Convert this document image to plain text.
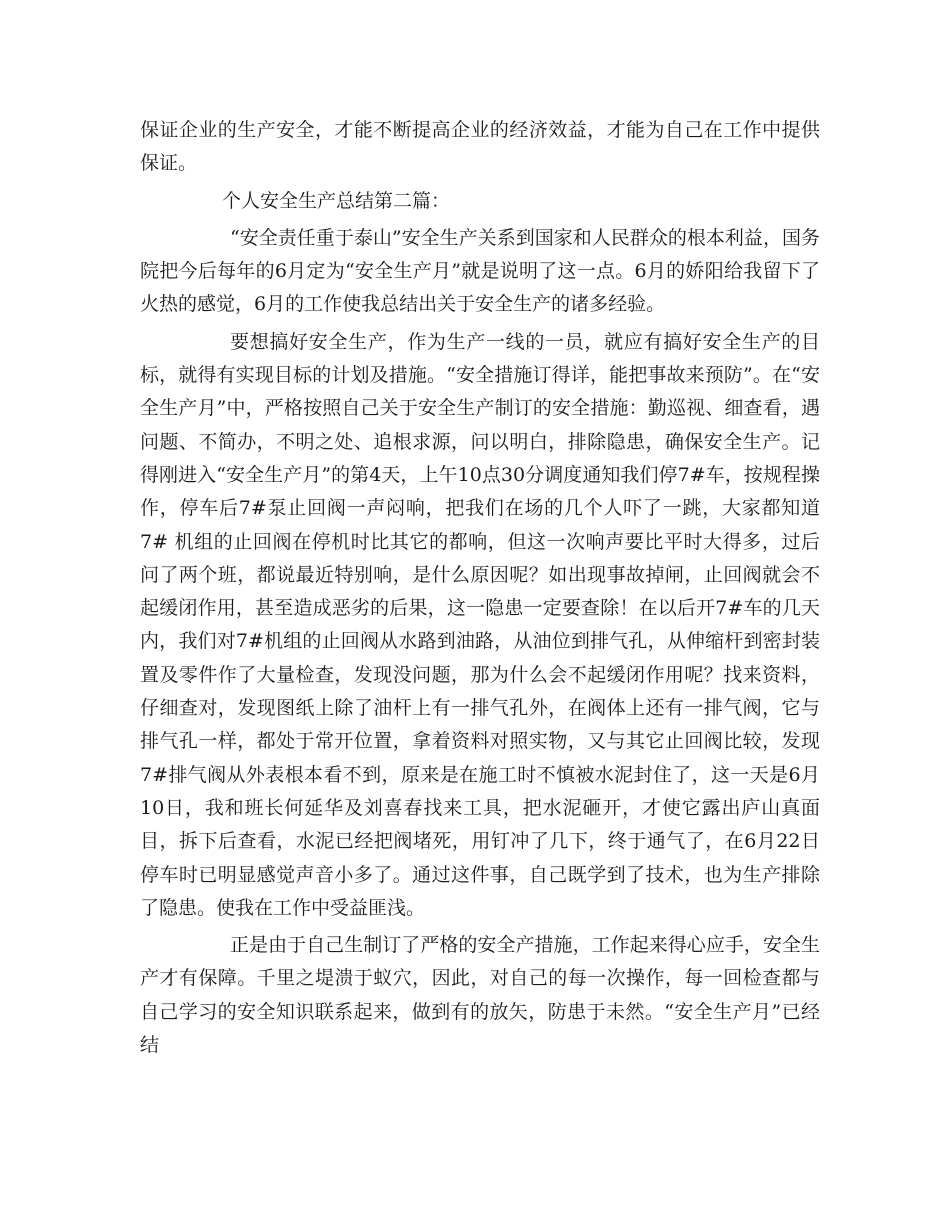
保证企业的生产安全，才能不断提高企业的经济效益，才能为自己在工作中提供保证。

个人安全生产总结第二篇：

“安全责任重于泰山”安全生产关系到国家和人民群众的根本利益，国务院把今后每年的6月定为“安全生产月”就是说明了这一点。6月的娇阳给我留下了火热的感觉，6月的工作使我总结出关于安全生产的诸多经验。

要想搞好安全生产，作为生产一线的一员，就应有搞好安全生产的目标，就得有实现目标的计划及措施。“安全措施订得详，能把事故来预防”。在“安全生产月”中，严格按照自己关于安全生产制订的安全措施：勤巡视、细查看，遇问题、不简办，不明之处、追根求源，问以明白，排除隐患，确保安全生产。记得刚进入“安全生产月”的第4天，上午10点30分调度通知我们停7#车，按规程操作，停车后7#泵止回阀一声闷响，把我们在场的几个人吓了一跳，大家都知道7# 机组的止回阀在停机时比其它的都响，但这一次响声要比平时大得多，过后问了两个班，都说最近特别响，是什么原因呢？如出现事故掉闸，止回阀就会不起缓闭作用，甚至造成恶劣的后果，这一隐患一定要查除！在以后开7#车的几天内，我们对7#机组的止回阀从水路到油路，从油位到排气孔，从伸缩杆到密封装置及零件作了大量检查，发现没问题，那为什么会不起缓闭作用呢？找来资料，仔细查对，发现图纸上除了油杆上有一排气孔外，在阀体上还有一排气阀，它与排气孔一样，都处于常开位置，拿着资料对照实物，又与其它止回阀比较，发现7#排气阀从外表根本看不到，原来是在施工时不慎被水泥封住了，这一天是6月10日，我和班长何延华及刘喜春找来工具，把水泥砸开，才使它露出庐山真面目，拆下后查看，水泥已经把阀堵死，用钉冲了几下，终于通气了，在6月22日停车时已明显感觉声音小多了。通过这件事，自己既学到了技术，也为生产排除了隐患。使我在工作中受益匪浅。

正是由于自己生制订了严格的安全产措施，工作起来得心应手，安全生产才有保障。千里之堤溃于蚁穴，因此，对自己的每一次操作，每一回检查都与自己学习的安全知识联系起来，做到有的放矢，防患于未然。“安全生产月”已经结
